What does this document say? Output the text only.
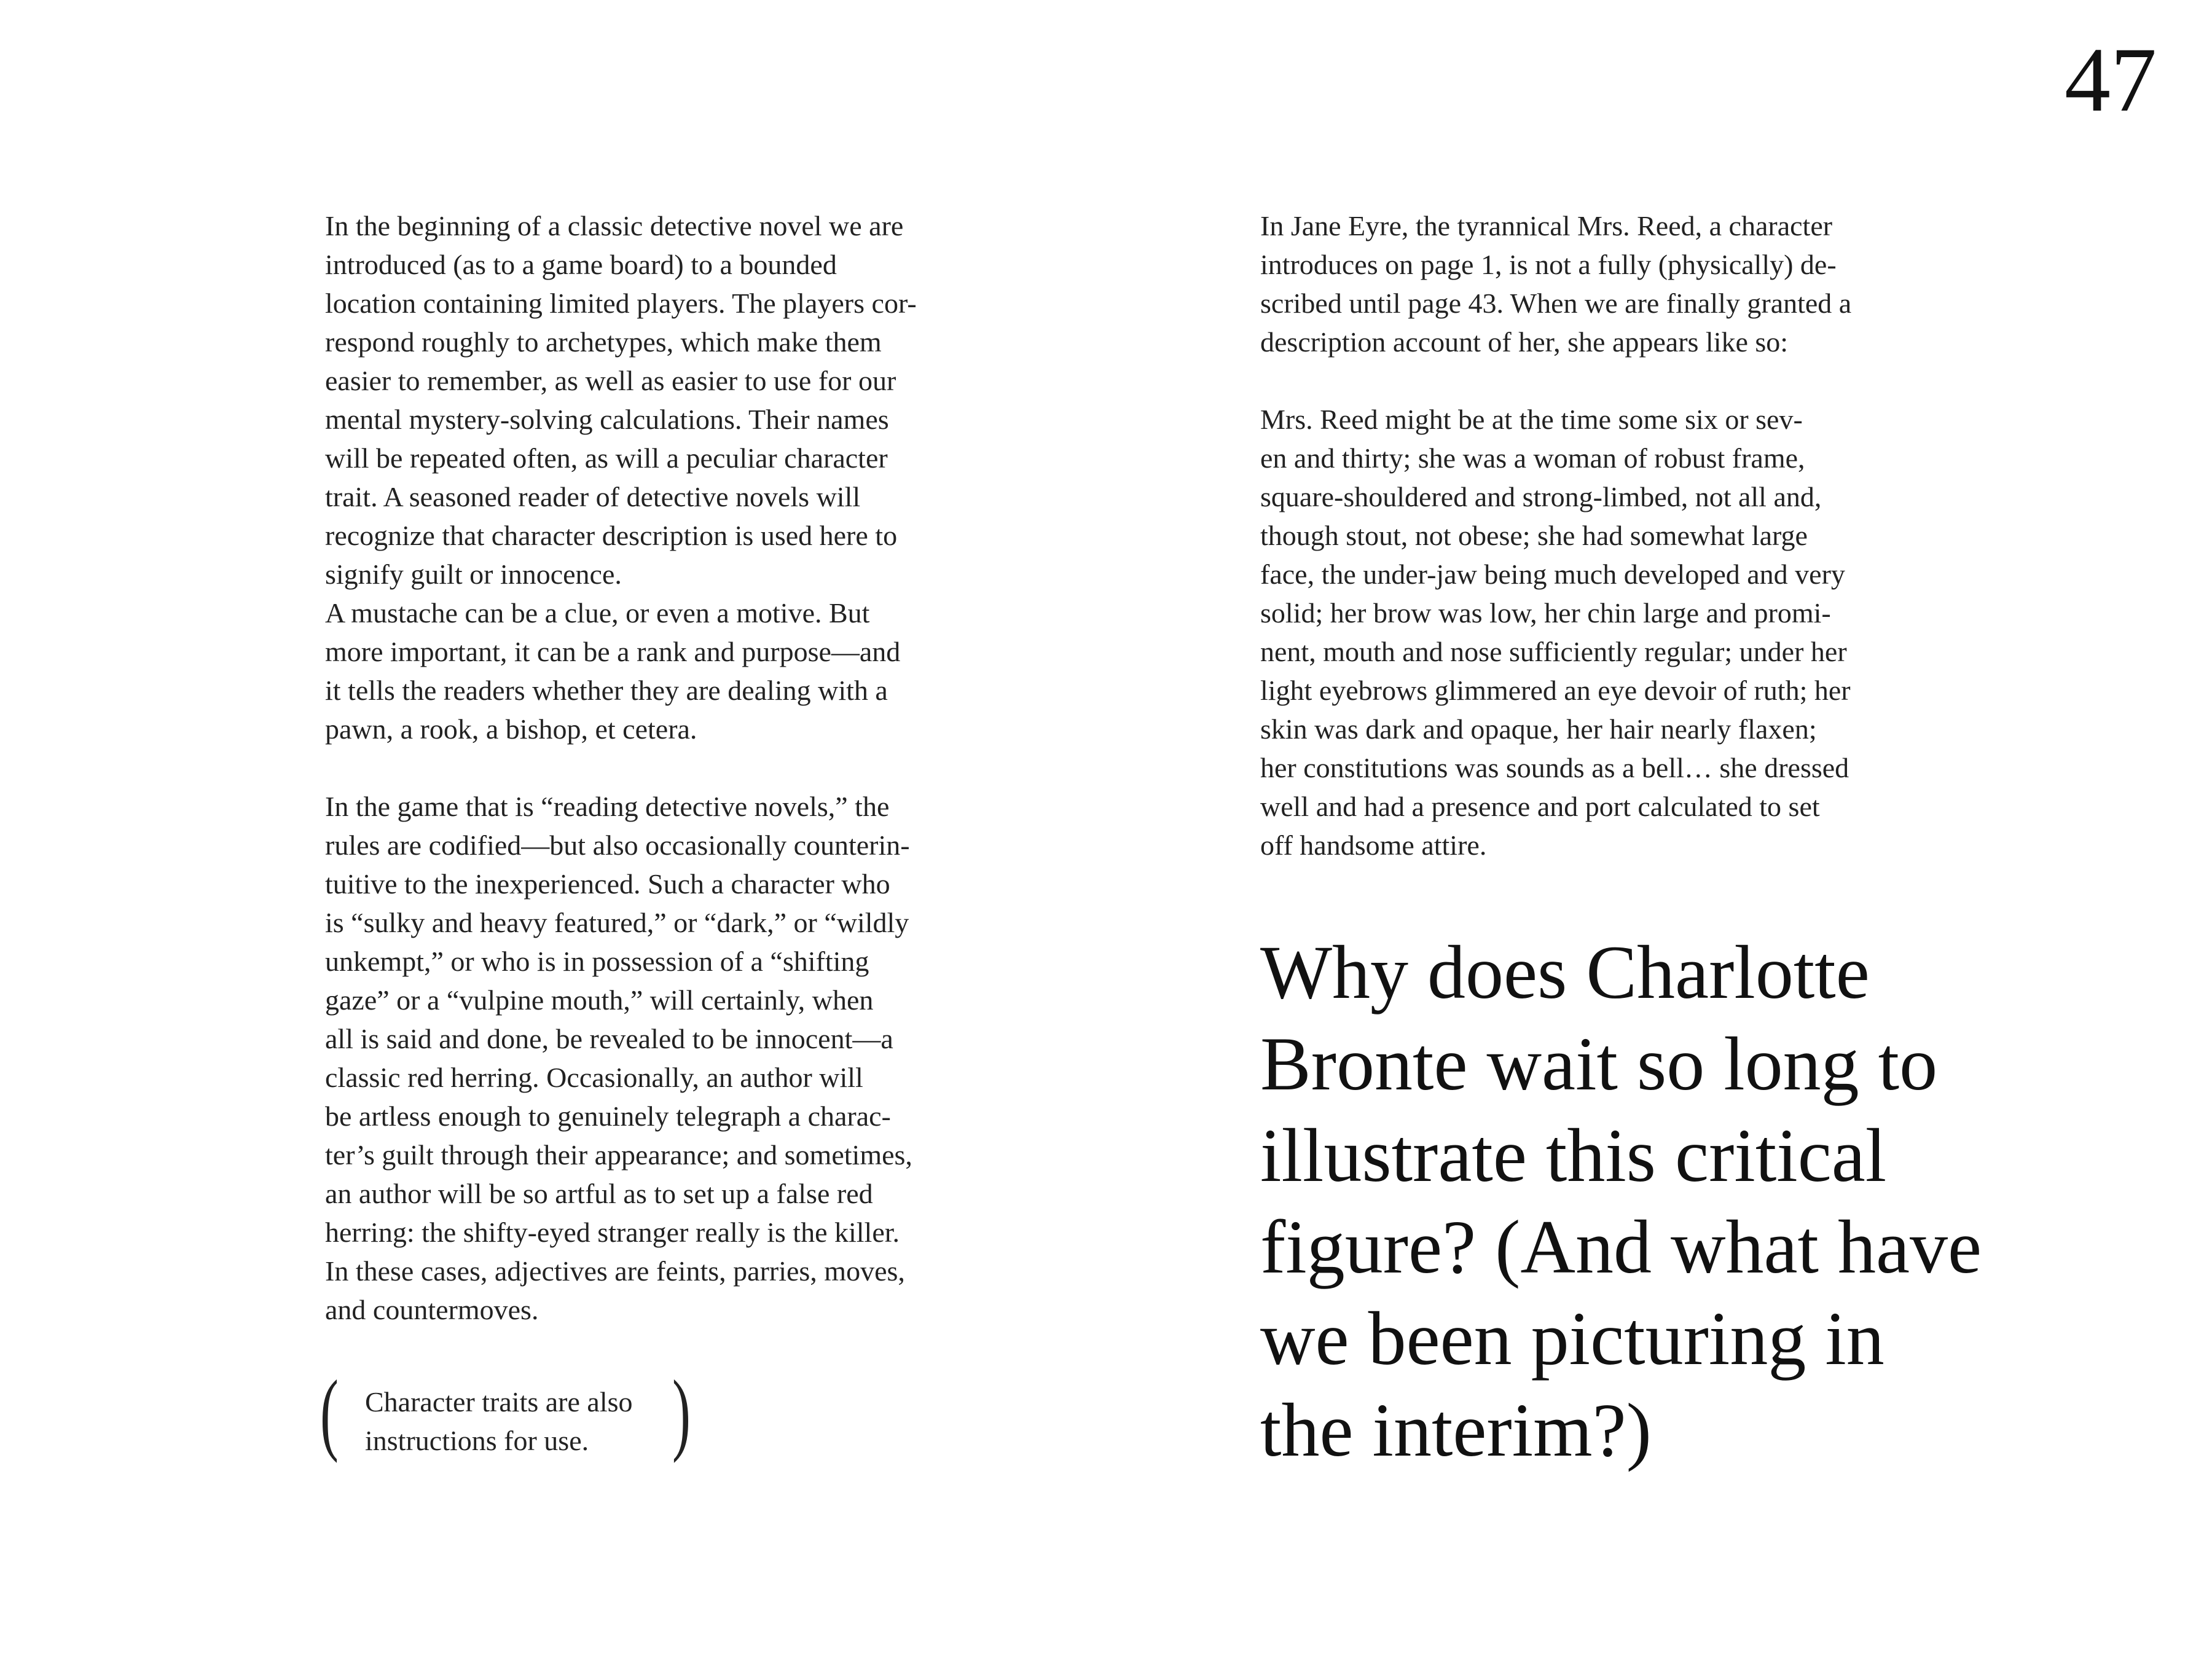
47
In the beginning of a classic detective novel we are
introduced (as to a game board) to a bounded
location containing limited players. The players cor-
respond roughly to archetypes, which make them
easier to remember, as well as easier to use for our
mental mystery-solving calculations. Their names
will be repeated often, as will a peculiar character
trait. A seasoned reader of detective novels will
recognize that character description is used here to
signify guilt or innocence.
A mustache can be a clue, or even a motive. But
more important, it can be a rank and purpose—and
it tells the readers whether they are dealing with a
pawn, a rook, a bishop, et cetera.
In the game that is “reading detective novels,” the
rules are codified—but also occasionally counterin-
tuitive to the inexperienced. Such a character who
is “sulky and heavy featured,” or “dark,” or “wildly
unkempt,” or who is in possession of a “shifting
gaze” or a “vulpine mouth,” will certainly, when
all is said and done, be revealed to be innocent—a
classic red herring. Occasionally, an author will
be artless enough to genuinely telegraph a charac-
ter’s guilt through their appearance; and sometimes,
an author will be so artful as to set up a false red
herring: the shifty-eyed stranger really is the killer.
In these cases, adjectives are feints, parries, moves,
and countermoves.
( Character traits are also
instructions for use. )
In Jane Eyre, the tyrannical Mrs. Reed, a character
introduces on page 1, is not a fully (physically) de-
scribed until page 43. When we are finally granted a
description account of her, she appears like so:
Mrs. Reed might be at the time some six or sev-
en and thirty; she was a woman of robust frame,
square-shouldered and strong-limbed, not all and,
though stout, not obese; she had somewhat large
face, the under-jaw being much developed and very
solid; her brow was low, her chin large and promi-
nent, mouth and nose sufficiently regular; under her
light eyebrows glimmered an eye devoir of ruth; her
skin was dark and opaque, her hair nearly flaxen;
her constitutions was sounds as a bell… she dressed
well and had a presence and port calculated to set
off handsome attire.
Why does Charlotte
Bronte wait so long to
illustrate this critical
figure? (And what have
we been picturing in
the interim?)
